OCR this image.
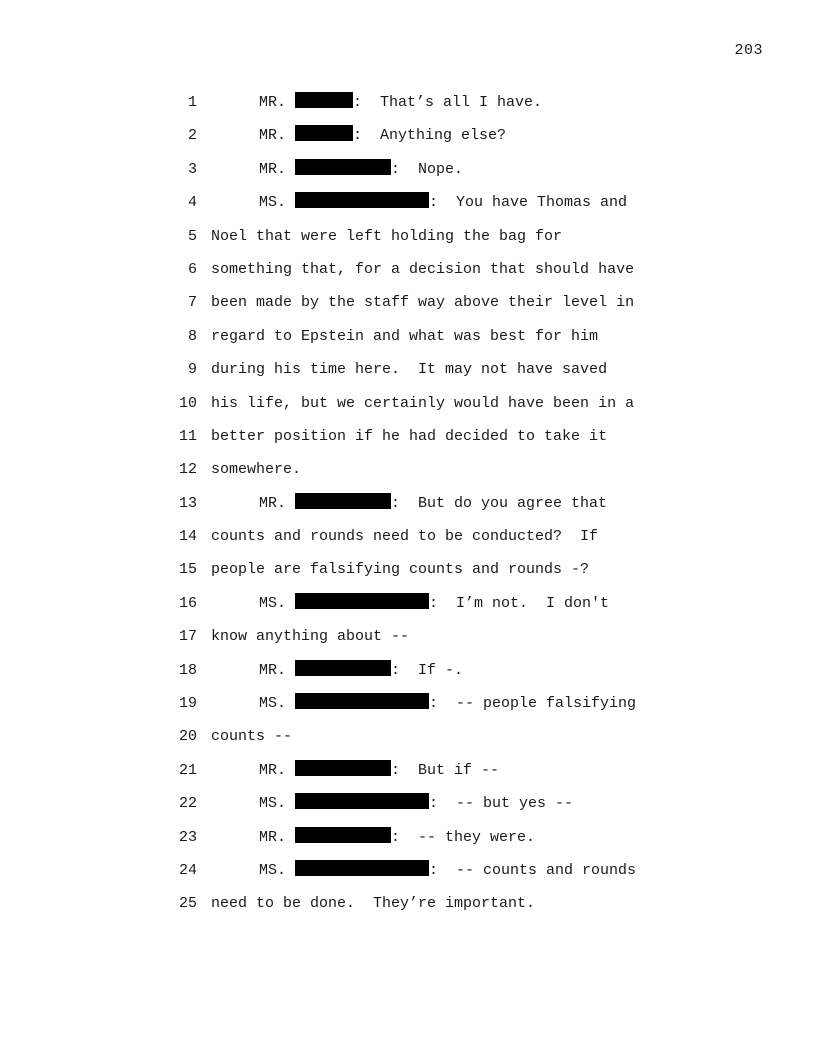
203
1	MR.	:  That’s all I have.
2	MR.	:  Anything else?
3	MR.	:  Nope.
4	MS.	:  You have Thomas and
5 Noel that were left holding the bag for
6 something that, for a decision that should have
7 been made by the staff way above their level in
8 regard to Epstein and what was best for him
9 during his time here.  It may not have saved
10 his life, but we certainly would have been in a
11 better position if he had decided to take it
12 somewhere.
13	MR.	:  But do you agree that
14 counts and rounds need to be conducted?  If
15 people are falsifying counts and rounds -?
16	MS.	:  I’m not.  I don't
17 know anything about --
18	MR.	:  If -.
19	MS.	:  -- people falsifying
20 counts --
21	MR.	:  But if --
22	MS.	:  -- but yes --
23	MR.	:  -- they were.
24	MS.	:  -- counts and rounds
25 need to be done.  They’re important.
